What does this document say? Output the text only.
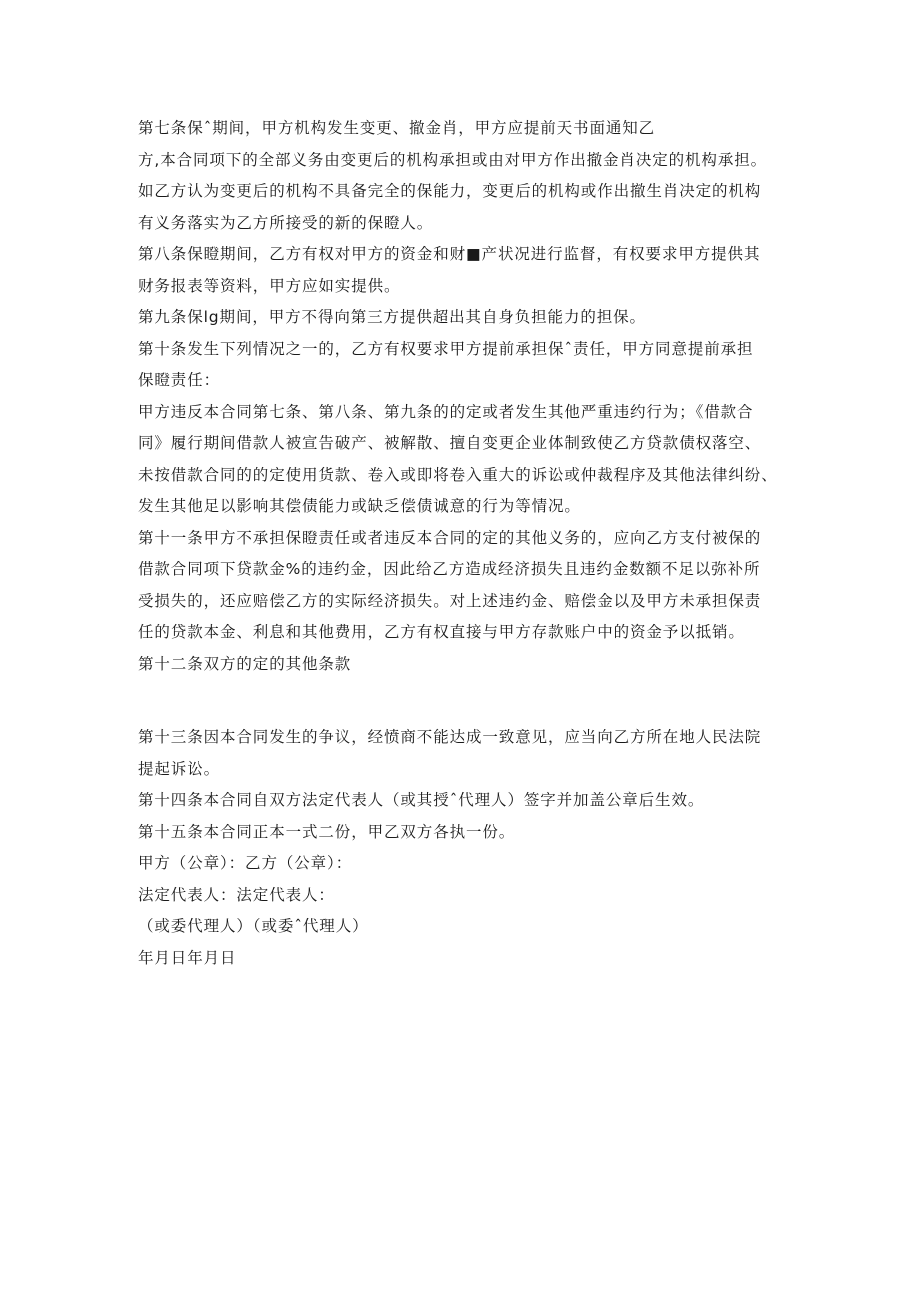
第七条保ˆ期间，甲方机构发生变更、撤金肖，甲方应提前天书面通知乙
方,本合同项下的全部义务由变更后的机构承担或由对甲方作出撤金肖决定的机构承担。
如乙方认为变更后的机构不具备完全的保能力，变更后的机构或作出撤生肖决定的机构
有义务落实为乙方所接受的新的保瞪人。
第八条保瞪期间，乙方有权对甲方的资金和财■产状况进行监督，有权要求甲方提供其
财务报表等资料，甲方应如实提供。
第九条保lg期间，甲方不得向第三方提供超出其自身负担能力的担保。
第十条发生下列情况之一的，乙方有权要求甲方提前承担保ˆ责任，甲方同意提前承担
保瞪责任：
甲方违反本合同第七条、第八条、第九条的的定或者发生其他严重违约行为；《借款合
同》履行期间借款人被宣告破产、被解散、擅自变更企业体制致使乙方贷款债权落空、
未按借款合同的的定使用货款、卷入或即将卷入重大的诉讼或仲裁程序及其他法律纠纷、
发生其他足以影响其偿债能力或缺乏偿债诚意的行为等情况。
第十一条甲方不承担保瞪责任或者违反本合同的定的其他义务的，应向乙方支付被保的
借款合同项下贷款金%的违约金，因此给乙方造成经济损失且违约金数额不足以弥补所
受损失的，还应赔偿乙方的实际经济损失。对上述违约金、赔偿金以及甲方未承担保责
任的贷款本金、利息和其他费用，乙方有权直接与甲方存款账户中的资金予以抵销。
第十二条双方的定的其他条款
第十三条因本合同发生的争议，经愤商不能达成一致意见，应当向乙方所在地人民法院
提起诉讼。
第十四条本合同自双方法定代表人（或其授ˆ代理人）签字并加盖公章后生效。
第十五条本合同正本一式二份，甲乙双方各执一份。
甲方（公章）：乙方（公章）：
法定代表人：法定代表人：
（或委代理人）（或委ˆ代理人）
年月日年月日
